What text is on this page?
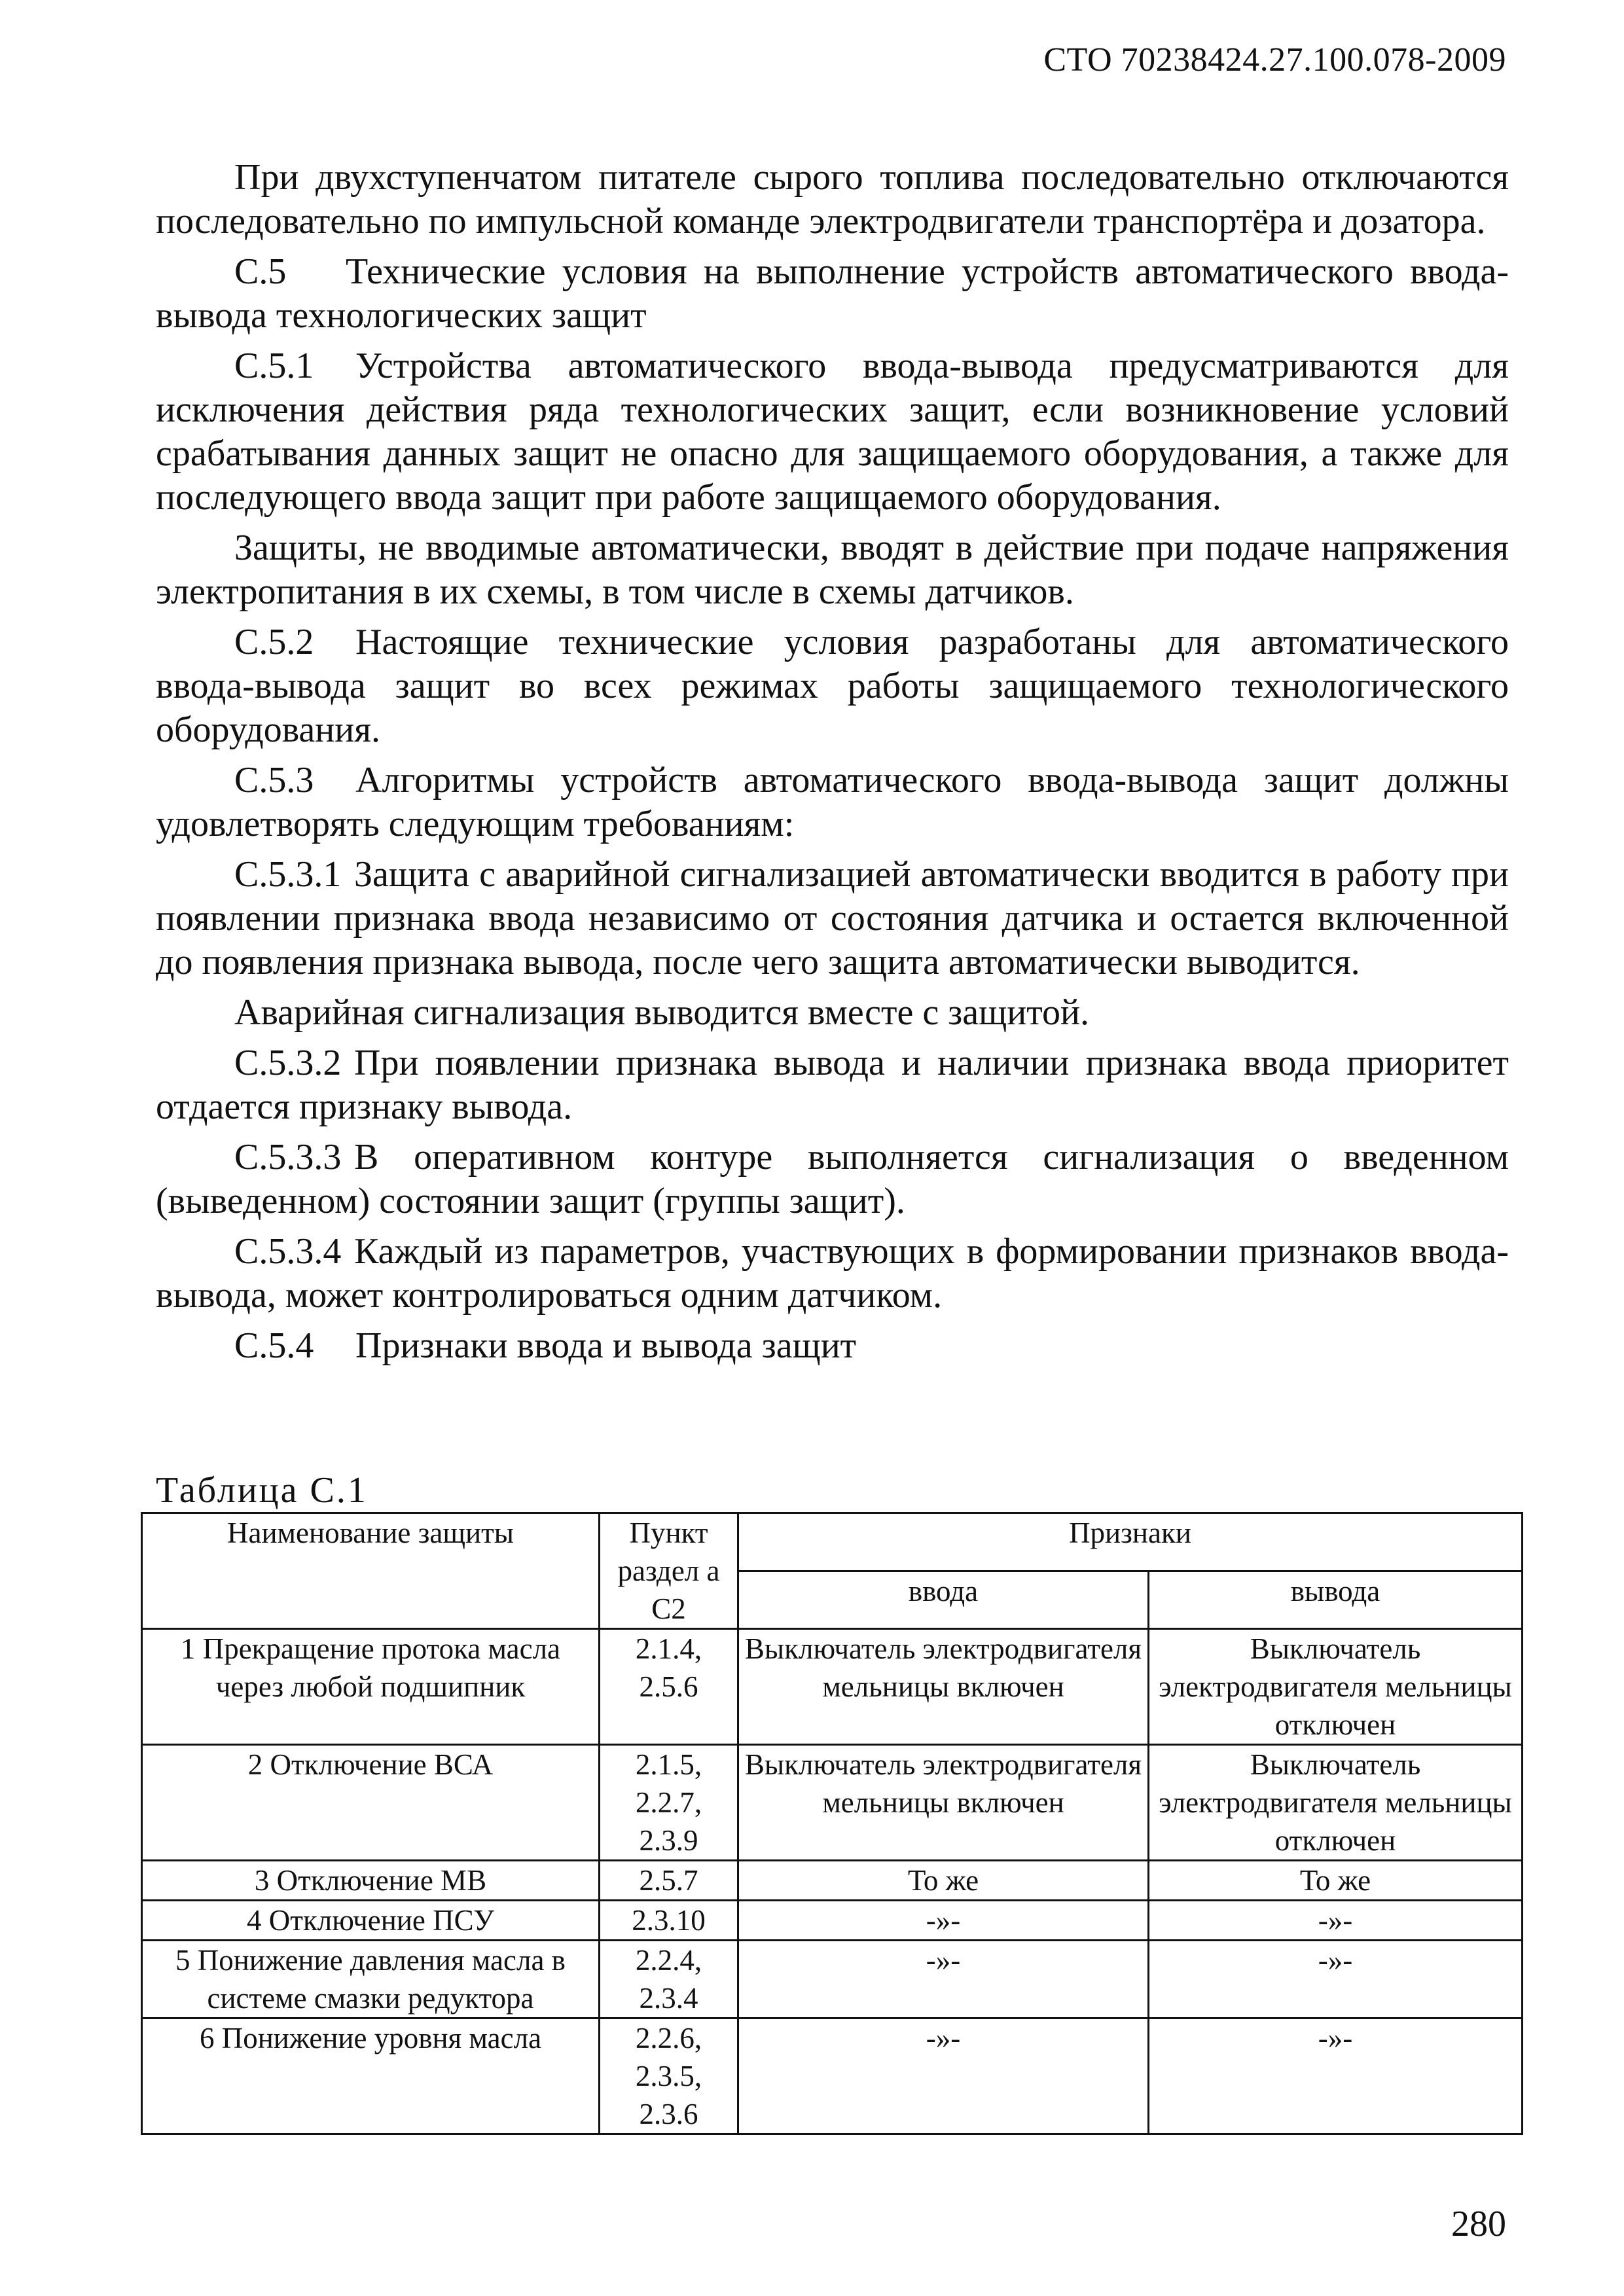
СТО 70238424.27.100.078-2009

При двухступенчатом питателе сырого топлива последовательно отключаются последовательно по импульсной команде электродвигатели транспортёра и дозатора.

С.5 Технические условия на выполнение устройств автоматического ввода-вывода технологических защит

С.5.1 Устройства автоматического ввода-вывода предусматриваются для исключения действия ряда технологических защит, если возникновение условий срабатывания данных защит не опасно для защищаемого оборудования, а также для последующего ввода защит при работе защищаемого оборудования.

Защиты, не вводимые автоматически, вводят в действие при подаче напряжения электропитания в их схемы, в том числе в схемы датчиков.

С.5.2 Настоящие технические условия разработаны для автоматического ввода-вывода защит во всех режимах работы защищаемого технологического оборудования.

С.5.3 Алгоритмы устройств автоматического ввода-вывода защит должны удовлетворять следующим требованиям:

С.5.3.1 Защита с аварийной сигнализацией автоматически вводится в работу при появлении признака ввода независимо от состояния датчика и остается включенной до появления признака вывода, после чего защита автоматически выводится.

Аварийная сигнализация выводится вместе с защитой.

С.5.3.2 При появлении признака вывода и наличии признака ввода приоритет отдается признаку вывода.

С.5.3.3 В оперативном контуре выполняется сигнализация о введенном (выведенном) состоянии защит (группы защит).

С.5.3.4 Каждый из параметров, участвующих в формировании признаков ввода-вывода, может контролироваться одним датчиком.

С.5.4 Признаки ввода и вывода защит

Таблица С.1
Наименование защиты	Пункт раздел а С2	Признаки	
		ввода	вывода
1 Прекращение протока масла через любой подшипник	2.1.4, 2.5.6	Выключатель электродвигателя мельницы включен	Выключатель электродвигателя мельницы отключен
2 Отключение ВСА	2.1.5, 2.2.7, 2.3.9	Выключатель электродвигателя мельницы включен	Выключатель электродвигателя мельницы отключен
3 Отключение МВ	2.5.7	То же	То же
4 Отключение ПСУ	2.3.10	-»-	-»-
5 Понижение давления масла в системе смазки редуктора	2.2.4, 2.3.4	-»-	-»-
6 Понижение уровня масла	2.2.6, 2.3.5, 2.3.6	-»-	-»-
280
